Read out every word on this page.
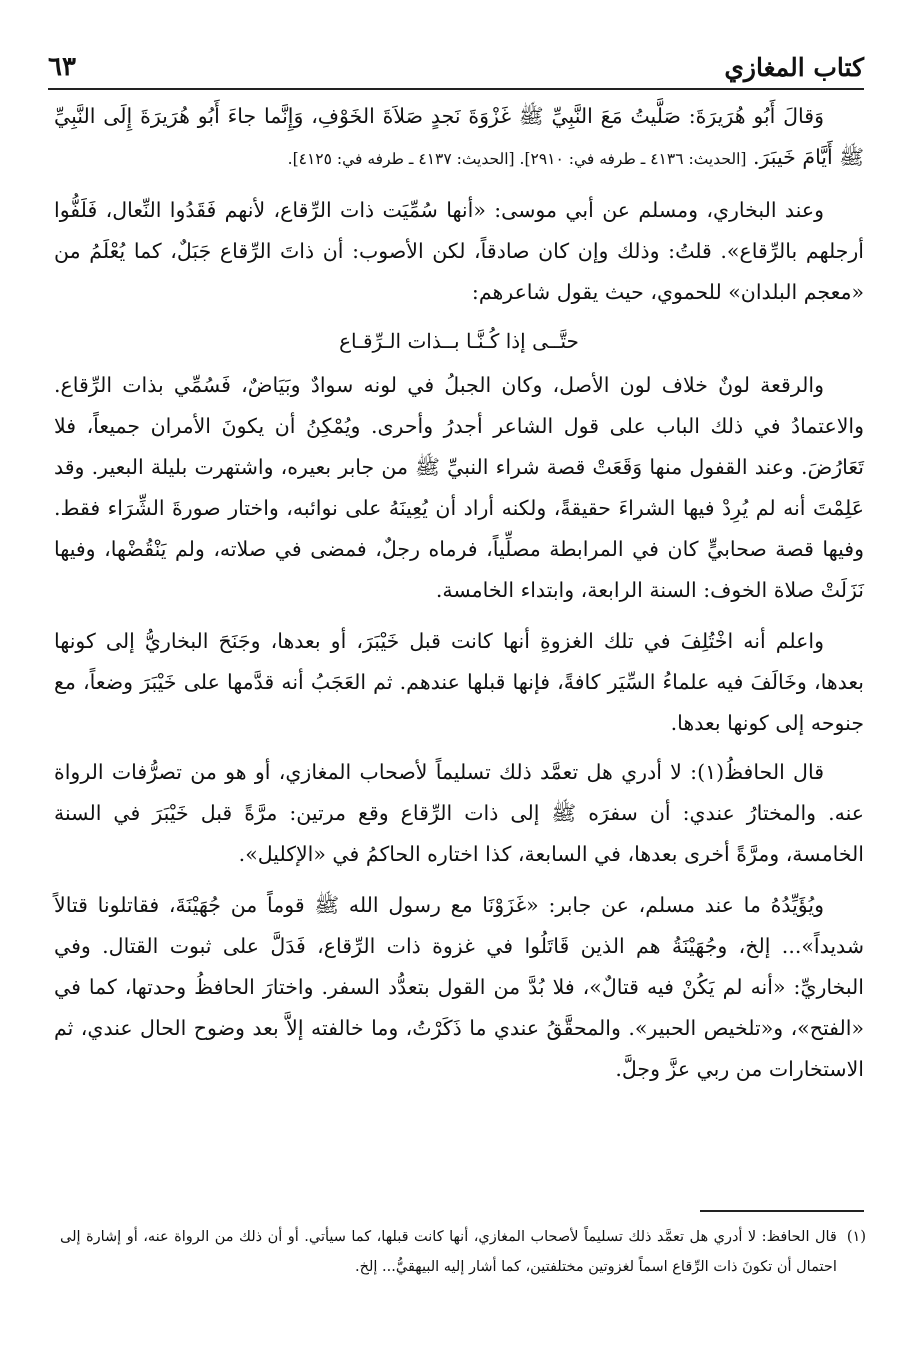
كتاب المغازي
٦٣

وَقالَ أَبُو هُرَيرَةَ: صَلَّيتُ مَعَ النَّبِيِّ ﷺ غَزْوَةَ نَجدٍ صَلاَةَ الخَوْفِ، وَإِنَّما جاءَ أَبُو هُرَيرَةَ إِلَى النَّبِيِّ ﷺ أَيَّامَ خَيبَرَ. [الحديث: ٤١٣٦ ـ طرفه في: ٢٩١٠]. [الحديث: ٤١٣٧ ـ طرفه في: ٤١٢٥].

وعند البخاري، ومسلم عن أبي موسى: «أنها سُمِّيَت ذات الرِّقاع، لأنهم فَقَدُوا النِّعال، فَلَفُّوا أرجلهم بالرِّقاع». قلتُ: وذلك وإن كان صادقاً، لكن الأصوب: أن ذاتَ الرِّقاع جَبَلٌ، كما يُعْلَمُ من «معجم البلدان» للحموي، حيث يقول شاعرهم:

حتَّــى إذا كُـنَّـا بــذات الـرِّقـاع

والرقعة لونٌ خلاف لون الأصل، وكان الجبلُ في لونه سوادٌ وبَيَاضٌ، فَسُمِّي بذات الرِّقاع. والاعتمادُ في ذلك الباب على قول الشاعر أجدرُ وأحرى. ويُمْكِنُ أن يكونَ الأمران جميعاً، فلا تَعَارُضَ. وعند القفول منها وَقَعَتْ قصة شراء النبيِّ ﷺ من جابر بعيره، واشتهرت بليلة البعير. وقد عَلِمْتَ أنه لم يُرِدْ فيها الشراءَ حقيقةً، ولكنه أراد أن يُعِينَهُ على نوائبه، واختار صورةَ الشِّرَاء فقط. وفيها قصة صحابيٍّ كان في المرابطة مصلِّياً، فرماه رجلٌ، فمضى في صلاته، ولم يَنْقُضْها، وفيها نَزَلَتْ صلاة الخوف: السنة الرابعة، وابتداء الخامسة.

واعلم أنه اخْتُلِفَ في تلك الغزوةِ أنها كانت قبل خَيْبَرَ، أو بعدها، وجَنَحَ البخاريُّ إلى كونها بعدها، وخَالَفَ فيه علماءُ السِّيَر كافةً، فإنها قبلها عندهم. ثم العَجَبُ أنه قدَّمها على خَيْبَرَ وضعاً، مع جنوحه إلى كونها بعدها.

قال الحافظُ(١): لا أدري هل تعمَّد ذلك تسليماً لأصحاب المغازي، أو هو من تصرُّفات الرواة عنه. والمختارُ عندي: أن سفرَه ﷺ إلى ذات الرِّقاع وقع مرتين: مرَّةً قبل خَيْبَرَ في السنة الخامسة، ومرَّةً أخرى بعدها، في السابعة، كذا اختاره الحاكمُ في «الإكليل».

ويُؤَيِّدُهُ ما عند مسلم، عن جابر: «غَزَوْنَا مع رسول الله ﷺ قوماً من جُهَيْنَةَ، فقاتلونا قتالاً شديداً»... إلخ، وجُهَيْنَةُ هم الذين قَاتَلُوا في غزوة ذات الرِّقاع، فَدَلَّ على ثبوت القتال. وفي البخاريِّ: «أنه لم يَكُنْ فيه قتالٌ»، فلا بُدَّ من القول بتعدُّد السفر. واختارَ الحافظُ وحدتها، كما في «الفتح»، و«تلخيص الحبير». والمحقَّقُ عندي ما ذَكَرْتُ، وما خالفته إلاَّ بعد وضوح الحال عندي، ثم الاستخارات من ربي عزَّ وجلَّ.

(١)
قال الحافظ: لا أدري هل تعمَّد ذلك تسليماً لأصحاب المغازي، أنها كانت قبلها، كما سيأتي. أو أن ذلك من الرواة عنه، أو إشارة إلى احتمال أن تكونَ ذات الرِّقاع اسماً لغزوتين مختلفتين، كما أشار إليه البيهقيُّ... إلخ.
